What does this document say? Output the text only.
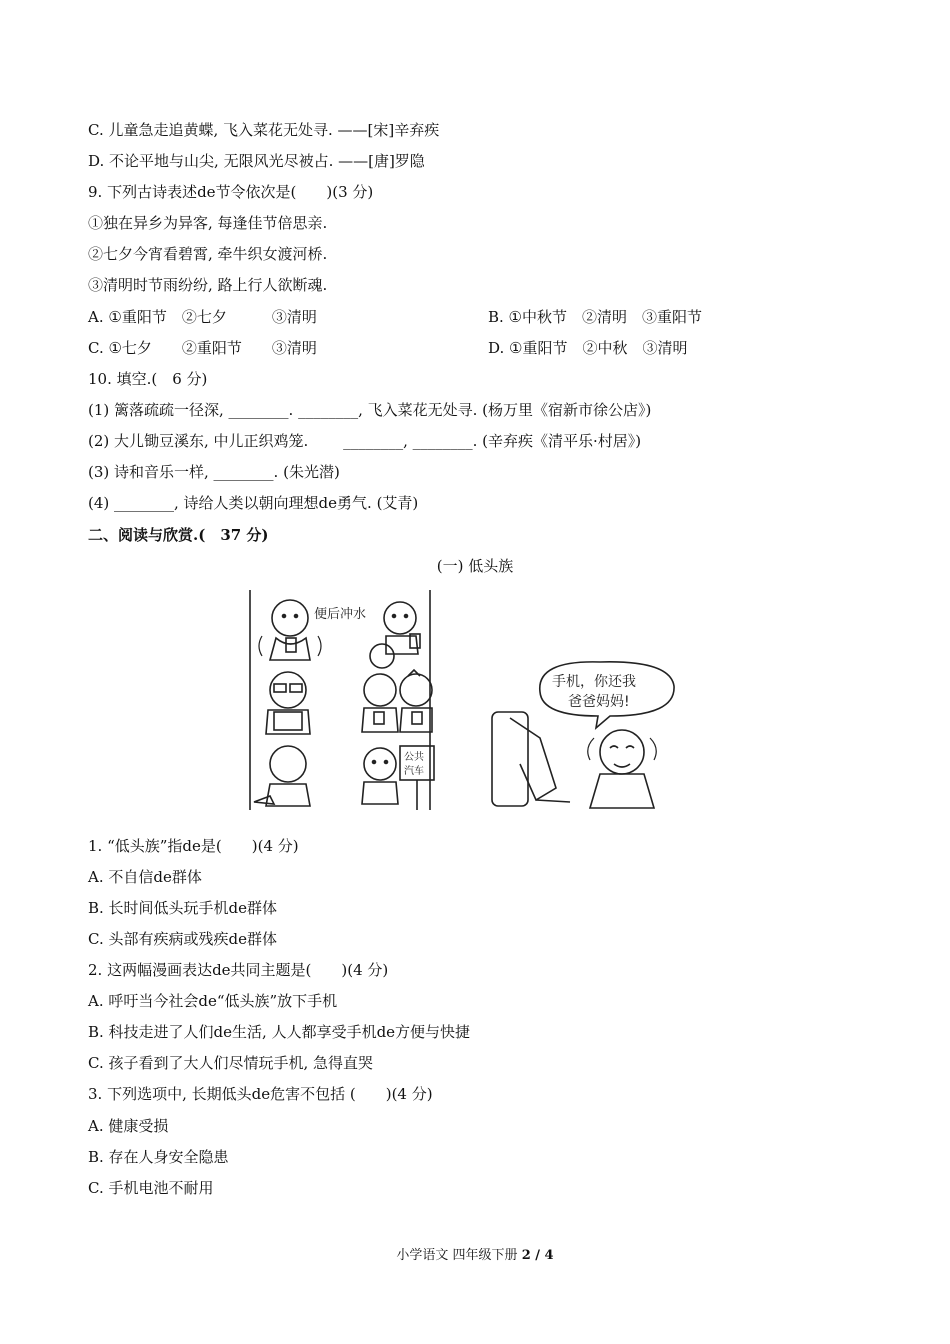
C. 儿童急走追黄蝶, 飞入菜花无处寻. ——[宋]辛弃疾
D. 不论平地与山尖, 无限风光尽被占. ——[唐]罗隐
9. 下列古诗表述de节令依次是(　　)(3 分)
①独在异乡为异客, 每逢佳节倍思亲.
②七夕今宵看碧霄, 牵牛织女渡河桥.
③清明时节雨纷纷, 路上行人欲断魂.
A. ①重阳节　②七夕　　　③清明	B. ①中秋节　②清明　③重阳节
C. ①七夕　　②重阳节　　③清明	D. ①重阳节　②中秋　③清明
10. 填空.(　6 分)
(1) 篱落疏疏一径深, ________. ________, 飞入菜花无处寻. (杨万里《宿新市徐公店》)
(2) 大儿锄豆溪东, 中儿正织鸡笼.　　 ________, ________. (辛弃疾《清平乐·村居》)
(3) 诗和音乐一样, ________. (朱光潜)
(4) ________, 诗给人类以朝向理想de勇气. (艾青)
二、阅读与欣赏.(　37 分)
(一) 低头族
便后冲水
公共
汽车
手机，你还我
爸爸妈妈!
1. “低头族”指de是(　　)(4 分)
A. 不自信de群体
B. 长时间低头玩手机de群体
C. 头部有疾病或残疾de群体
2. 这两幅漫画表达de共同主题是(　　)(4 分)
A. 呼吁当今社会de“低头族”放下手机
B. 科技走进了人们de生活, 人人都享受手机de方便与快捷
C. 孩子看到了大人们尽情玩手机, 急得直哭
3. 下列选项中, 长期低头de危害不包括 (　　)(4 分)
A. 健康受损
B. 存在人身安全隐患
C. 手机电池不耐用
小学语文 四年级下册 2 / 4
